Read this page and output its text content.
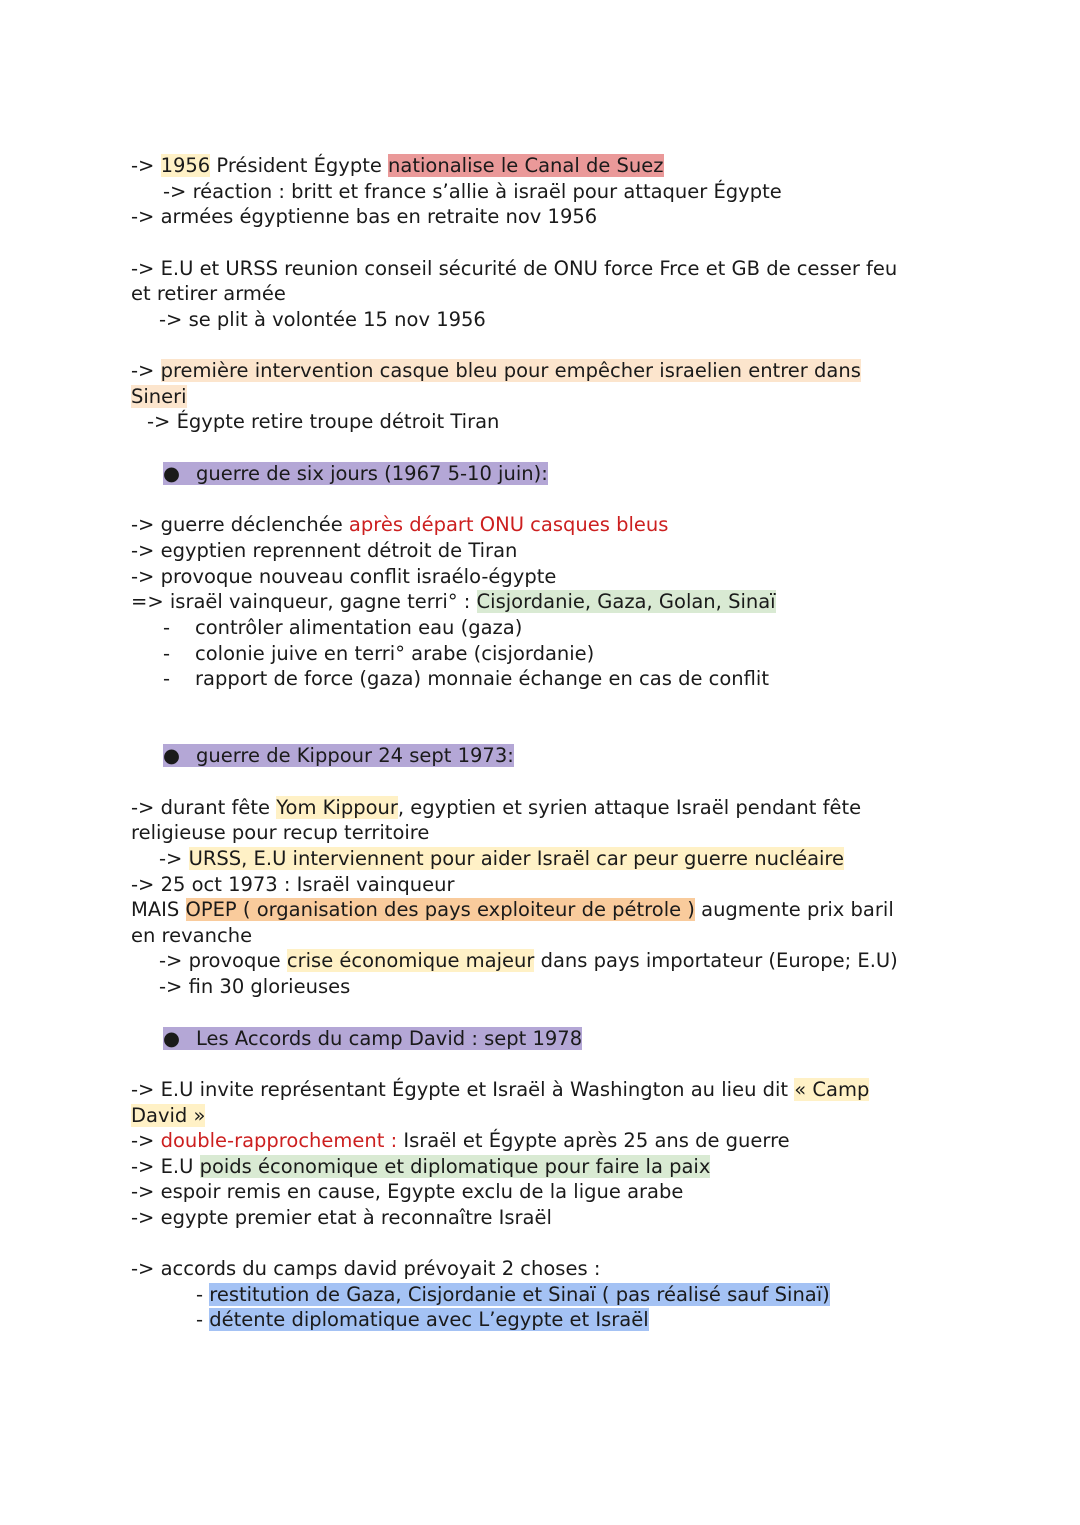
-> 1956 Président Égypte nationalise le Canal de Suez
-> réaction : britt et france s’allie à israël pour attaquer Égypte
-> armées égyptienne bas en retraite nov 1956
-> E.U et URSS reunion conseil sécurité de ONU force Frce et GB de cesser feu
et retirer armée
-> se plit à volontée 15 nov 1956
-> première intervention casque bleu pour empêcher israelien entrer dans
Sineri
-> Égypte retire troupe détroit Tiran
● guerre de six jours (1967 5-10 juin):
-> guerre déclenchée après départ ONU casques bleus
-> egyptien reprennent détroit de Tiran
-> provoque nouveau conflit israélo-égypte
=> israël vainqueur, gagne terri° : Cisjordanie, Gaza, Golan, Sinaï
- contrôler alimentation eau (gaza)
- colonie juive en terri° arabe (cisjordanie)
- rapport de force (gaza) monnaie échange en cas de conflit
● guerre de Kippour 24 sept 1973:
-> durant fête Yom Kippour, egyptien et syrien attaque Israël pendant fête
religieuse pour recup territoire
-> URSS, E.U interviennent pour aider Israël car peur guerre nucléaire
-> 25 oct 1973 : Israël vainqueur
MAIS OPEP ( organisation des pays exploiteur de pétrole ) augmente prix baril
en revanche
-> provoque crise économique majeur dans pays importateur (Europe; E.U)
-> fin 30 glorieuses
● Les Accords du camp David : sept 1978
-> E.U invite représentant Égypte et Israël à Washington au lieu dit « Camp
David »
-> double-rapprochement : Israël et Égypte après 25 ans de guerre
-> E.U poids économique et diplomatique pour faire la paix
-> espoir remis en cause, Egypte exclu de la ligue arabe
-> egypte premier etat à reconnaître Israël
-> accords du camps david prévoyait 2 choses :
- restitution de Gaza, Cisjordanie et Sinaï ( pas réalisé sauf Sinaï)
- détente diplomatique avec L’egypte et Israël
